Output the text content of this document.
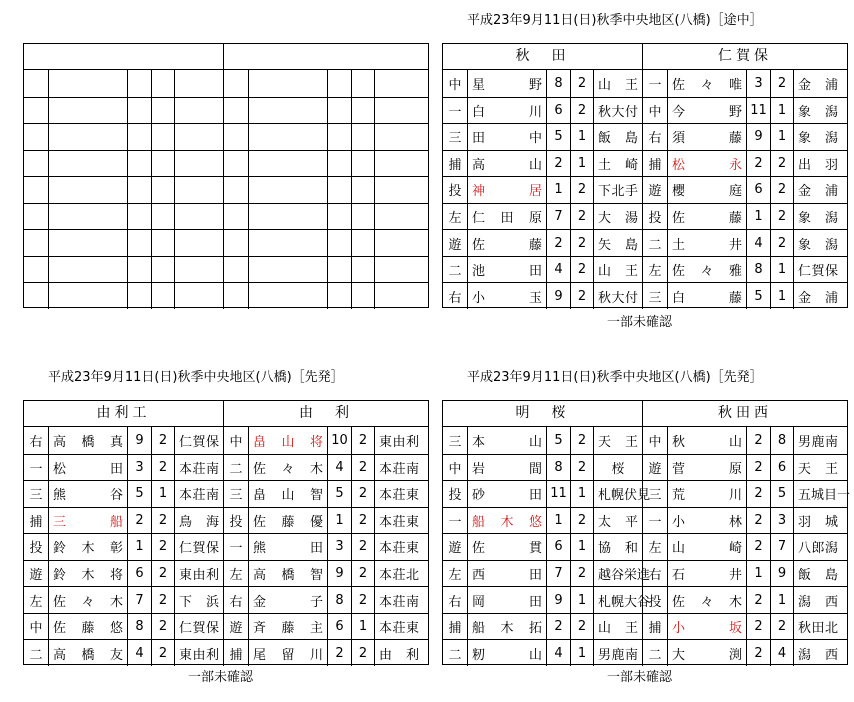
平成23年9月11日(日)秋季中央地区(八橋)［途中］
秋　田
中 星	野 8	2 山 王
一 白	川 6	2 秋 大 付
三 田	中 5	1 飯 島
捕 高	山 2	1 土 崎
投 神	居 1	2 下 北 手
左 仁 田 原 7	2 大 湯
遊 佐	藤 2	2 矢 島
二 池	田 4	2 山 王
右 小	玉 9	2 秋 大 付
仁賀保
一 佐 々 唯 3	2 金 浦
中 今	野 11 1 象 潟
右 須	藤 9	1 象 潟
捕 松	永 2	2 出 羽
遊 櫻	庭 6	2 金 浦
投 佐	藤 1	2 象 潟
二 土	井 4	2 象 潟
左 佐 々 雅 8	1 仁 賀 保
三 白	藤 5	1 金 浦
一部未確認
平成23年9月11日(日)秋季中央地区(八橋)［先発］
由利工
右 高 橋 真 9	2 仁 賀 保
一 松	田 3	2 本 荘 南
三 熊	谷 5	1 本 荘 南
捕 三	船 2	2 鳥 海
投 鈴 木 彰 1	2 仁 賀 保
遊 鈴 木 将 6	2 東 由 利
左 佐 々 木 7	2 下 浜
中 佐 藤 悠 8	2 仁 賀 保
二 高 橋 友 4	2 東 由 利
由　利
中 畠 山 将 10 2 東 由 利
二 佐 々 木 4	2 本 荘 南
三 畠 山 智 5	2 本 荘 東
投 佐 藤 優 1	2 本 荘 東
一 熊	田 3	2 本 荘 東
左 高 橋 智 9	2 本 荘 北
右 金	子 8	2 本 荘 南
遊 斉 藤 主 6	1 本 荘 東
捕 尾 留 川 2	2 由 利
一部未確認
平成23年9月11日(日)秋季中央地区(八橋)［先発］
明　桜
三 本	山 5	2 天 王
中 岩	間 8	2	桜
投 砂	田 11 1 札 幌 伏 見
一 船 木 悠 1	2 太 平
遊 佐	貫 6	1 協 和
左 西	田 7	2 越 谷 栄 進
右 岡	田 9	1 札 幌 大 谷
捕 船 木 拓 2	2 山 王
二 籾	山 4	1 男 鹿 南
秋田西
中 秋	山 2	8 男 鹿 南
遊 菅	原 2	6 天 王
三 荒	川 2	5 五 城 目 一
一 小	林 2	3 羽 城
左 山	崎 2	7 八 郎 潟
右 石	井 1	9 飯 島
投 佐 々 木 2	1 潟 西
捕 小	坂 2	2 秋 田 北
二 大	渕 2	4 潟 西
一部未確認
